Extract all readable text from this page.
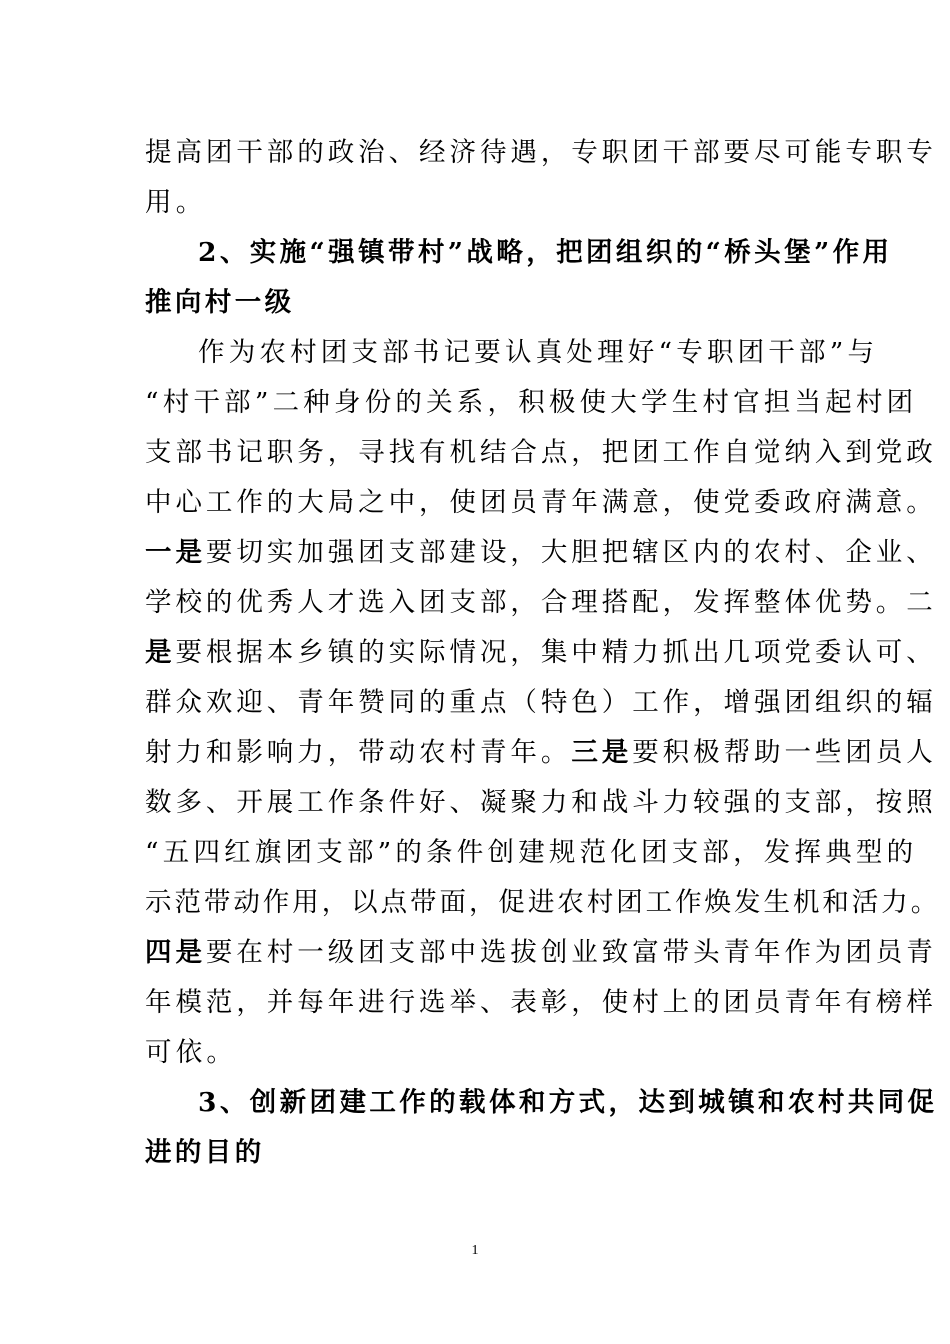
提高团干部的政治、经济待遇，专职团干部要尽可能专职专
用。
2、实施“强镇带村”战略，把团组织的“桥头堡”作用
推向村一级
作为农村团支部书记要认真处理好“专职团干部”与
“村干部”二种身份的关系，积极使大学生村官担当起村团
支部书记职务，寻找有机结合点，把团工作自觉纳入到党政
中心工作的大局之中，使团员青年满意，使党委政府满意。
一是要切实加强团支部建设，大胆把辖区内的农村、企业、
学校的优秀人才选入团支部，合理搭配，发挥整体优势。二
是要根据本乡镇的实际情况，集中精力抓出几项党委认可、
群众欢迎、青年赞同的重点（特色）工作，增强团组织的辐
射力和影响力，带动农村青年。三是要积极帮助一些团员人
数多、开展工作条件好、凝聚力和战斗力较强的支部，按照
“五四红旗团支部”的条件创建规范化团支部，发挥典型的
示范带动作用，以点带面，促进农村团工作焕发生机和活力。
四是要在村一级团支部中选拔创业致富带头青年作为团员青
年模范，并每年进行选举、表彰，使村上的团员青年有榜样
可依。
3、创新团建工作的载体和方式，达到城镇和农村共同促
进的目的
1
